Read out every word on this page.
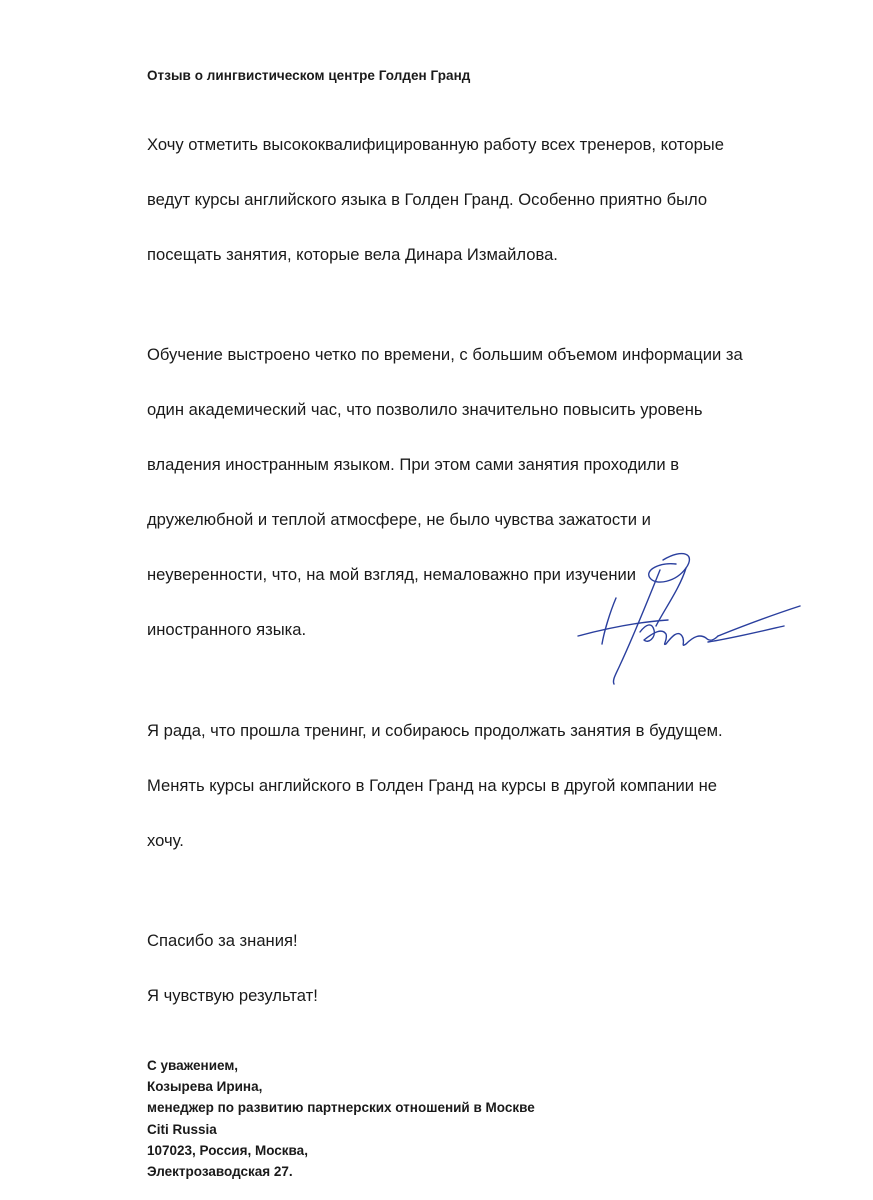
Отзыв о лингвистическом центре Голден Гранд

Хочу отметить высококвалифицированную работу всех тренеров, которые

ведут курсы английского языка в Голден Гранд. Особенно приятно было

посещать занятия, которые вела Динара Измайлова.

Обучение выстроено четко по времени, с большим объемом информации за

один академический час, что позволило значительно повысить уровень

владения иностранным языком. При этом сами занятия проходили в

дружелюбной и теплой атмосфере, не было чувства зажатости и

неуверенности, что, на мой взгляд, немаловажно при изучении

иностранного языка.

Я рада, что прошла тренинг, и собираюсь продолжать занятия в будущем.

Менять курсы английского в Голден Гранд на курсы в другой компании не

хочу.

Спасибо за знания!

Я чувствую результат!

С уважением,
Козырева Ирина,
менеджер по развитию партнерских отношений в Москве
Citi Russia
107023, Россия, Москва,
Электрозаводская 27.
